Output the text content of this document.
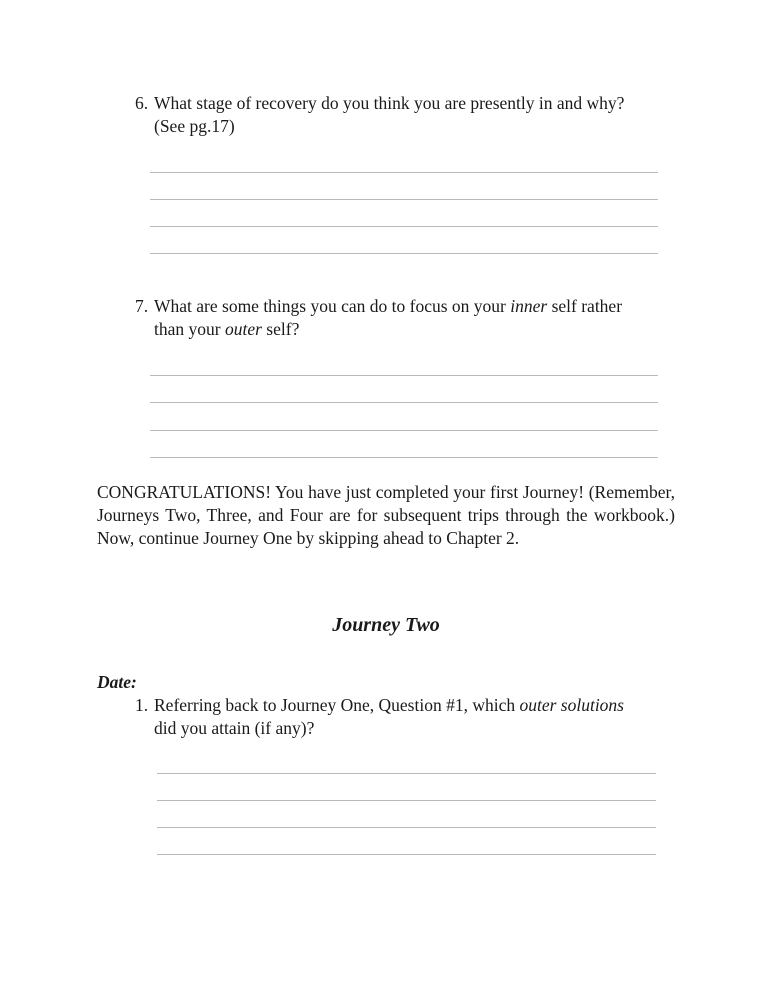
6. What stage of recovery do you think you are presently in and why?
(See pg.17)
7. What are some things you can do to focus on your inner self rather
than your outer self?
CONGRATULATIONS! You have just completed your first Journey! (Remember, Journeys Two, Three, and Four are for subsequent trips through the workbook.) Now, continue Journey One by skipping ahead to Chapter 2.
Journey Two
Date:
1. Referring back to Journey One, Question #1, which outer solutions
did you attain (if any)?
